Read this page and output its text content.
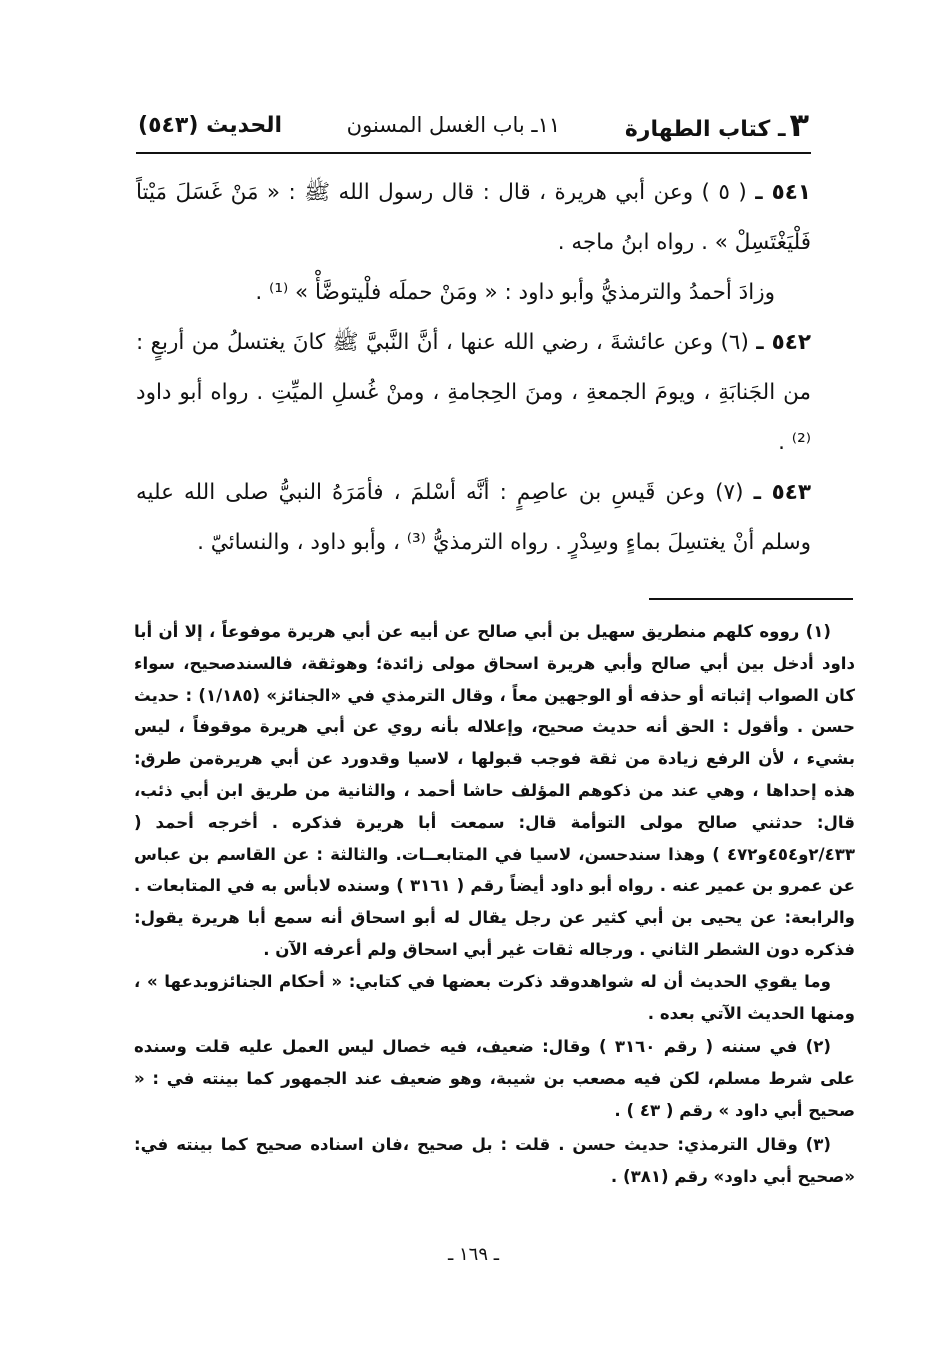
٣ـ كتاب الطهارة
١١ـ باب الغسل المسنون
الحديث (٥٤٣)

٥٤١ ـ ( ٥ ) وعن أبي هريرة ، قال : قال رسول الله ﷺ : « مَنْ غَسَلَ مَيْتاً فَلْيَغْتَسِلْ » . رواه ابنُ ماجه .

وزادَ أحمدُ والترمذيُّ وأبو داود : « ومَنْ حملَه فلْيتوضَّأْ » ⁽¹⁾ .

٥٤٢ ـ (٦) وعن عائشةَ ، رضي الله عنها ، أنَّ النَّبيَّ ﷺ كانَ يغتسلُ من أربعٍ : من الجَنابَةِ ، ويومَ الجمعةِ ، ومنَ الحِجامةِ ، ومنْ غُسلِ الميِّتِ . رواه أبو داود ⁽²⁾ .

٥٤٣ ـ (٧) وعن قَيسِ بن عاصِمٍ : أنَّه أسْلمَ ، فأمَرَهُ النبيُّ صلى الله عليه وسلم أنْ يغتسِلَ بماءٍ وسِدْرٍ . رواه الترمذيُّ ⁽³⁾ ، وأبو داود ، والنسائيّ .

(١) رووه كلهم منطريق سهيل بن أبي صالح عن أبيه عن أبي هريرة موفوعاً ، إلا أن أبا داود أدخل بين أبي صالح وأبي هريرة اسحاق مولى زائدة؛ وهوثقة، فالسندصحيح، سواء كان الصواب إثباته أو حذفه أو الوجهين معاً ، وقال الترمذي في «الجنائز» (١/١٨٥) : حديث حسن . وأقول : الحق أنه حديث صحيح، وإعلاله بأنه روي عن أبي هريرة موقوفاً ، ليس بشيء ، لأن الرفع زيادة من ثقة فوجب قبولها ، لاسيا وقدورد عن أبي هريرةمن طرق: هذه إحداها ، وهي عند من ذكوهم المؤلف حاشا أحمد ، والثانية من طريق ابن أبي ذئب، قال: حدثني صالح مولى التوأمة قال: سمعت أبا هريرة فذكره . أخرجه أحمد ( ٢/٤٣٣و٤٥٤و٤٧٢ ) وهذا سندحسن، لاسيا في المتابعــات. والثالثة : عن القاسم بن عباس عن عمرو بن عمير عنه . رواه أبو داود أيضاً رقم ( ٣١٦١ ) وسنده لابأس به في المتابعات . والرابعة: عن يحيى بن أبي كثير عن رجل يقال له أبو اسحاق أنه سمع أبا هريرة يقول: فذكره دون الشطر الثاني . ورجاله ثقات غير أبي اسحاق ولم أعرفه الآن .

وما يقوي الحديث أن له شواهدوقد ذكرت بعضها في كتابي: « أحكام الجنائزوبدعها » ، ومنها الحديث الآتي بعده .

(٢) في سننه ( رقم ٣١٦٠ ) وقال: ضعيف، فيه خصال ليس العمل عليه قلت وسنده على شرط مسلم، لكن فيه مصعب بن شيبة، وهو ضعيف عند الجمهور كما بينته في : « صحيح أبي داود » رقم ( ٤٣ ) .

(٣) وقال الترمذي: حديث حسن . قلت : بل صحيح ،فان اسناده صحيح كما بينته في: «صحيح أبي داود» رقم (٣٨١) .

ـ ١٦٩ ـ
